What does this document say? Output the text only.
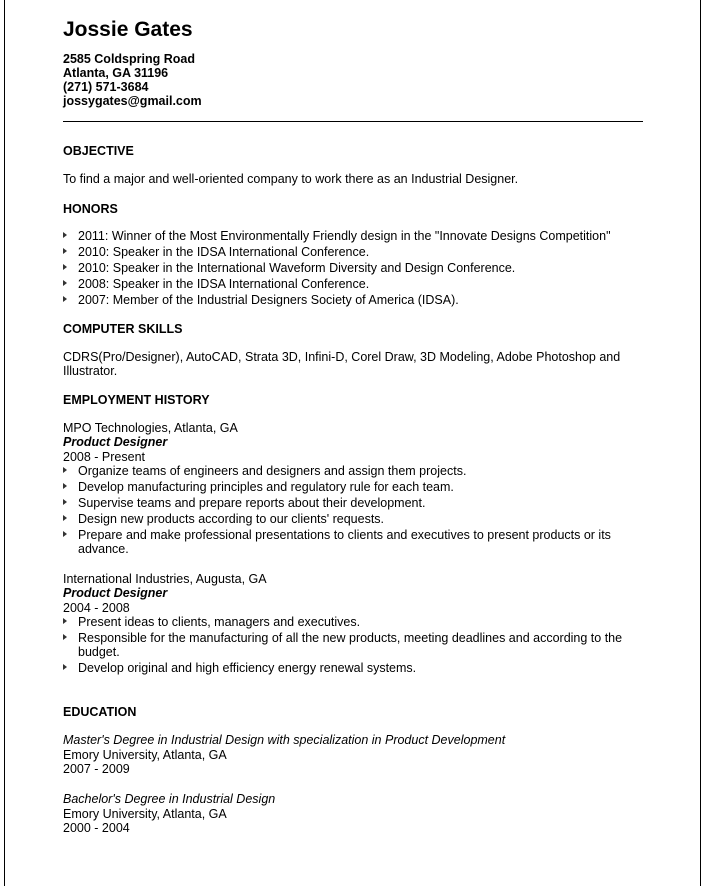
Jossie Gates
2585 Coldspring Road
Atlanta, GA 31196
(271) 571-3684
jossygates@gmail.com
OBJECTIVE
To find a major and well-oriented company to work there as an Industrial Designer.
HONORS
2011: Winner of the Most Environmentally Friendly design in the "Innovate Designs Competition"
2010: Speaker in the IDSA International Conference.
2010: Speaker in the International Waveform Diversity and Design Conference.
2008: Speaker in the IDSA International Conference.
2007: Member of the Industrial Designers Society of America (IDSA).
COMPUTER SKILLS
CDRS(Pro/Designer), AutoCAD, Strata 3D, Infini-D, Corel Draw, 3D Modeling, Adobe Photoshop and Illustrator.
EMPLOYMENT HISTORY
MPO Technologies, Atlanta, GA
Product Designer
2008 - Present
Organize teams of engineers and designers and assign them projects.
Develop manufacturing principles and regulatory rule for each team.
Supervise teams and prepare reports about their development.
Design new products according to our clients' requests.
Prepare and make professional presentations to clients and executives to present products or its advance.
International Industries, Augusta, GA
Product Designer
2004 - 2008
Present ideas to clients, managers and executives.
Responsible for the manufacturing of all the new products, meeting deadlines and according to the budget.
Develop original and high efficiency energy renewal systems.
EDUCATION
Master's Degree in Industrial Design with specialization in Product Development
Emory University, Atlanta, GA
2007 - 2009
Bachelor's Degree in Industrial Design
Emory University, Atlanta, GA
2000 - 2004
